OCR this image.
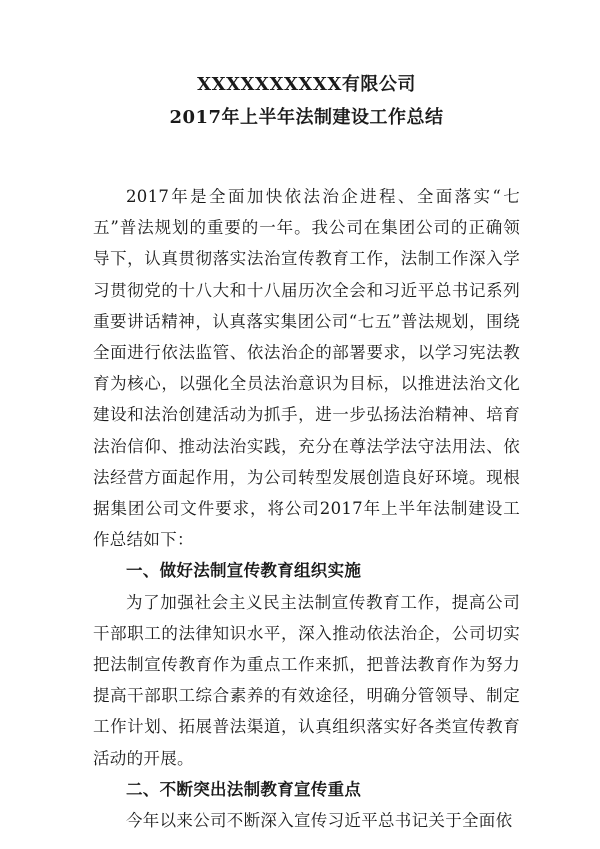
XXXXXXXXXX有限公司
2017年上半年法制建设工作总结

2017年是全面加快依法治企进程、全面落实“七五”普法规划的重要的一年。我公司在集团公司的正确领导下，认真贯彻落实法治宣传教育工作，法制工作深入学习贯彻党的十八大和十八届历次全会和习近平总书记系列重要讲话精神，认真落实集团公司“七五”普法规划，围绕全面进行依法监管、依法治企的部署要求，以学习宪法教育为核心，以强化全员法治意识为目标，以推进法治文化建设和法治创建活动为抓手，进一步弘扬法治精神、培育法治信仰、推动法治实践，充分在尊法学法守法用法、依法经营方面起作用，为公司转型发展创造良好环境。现根据集团公司文件要求，将公司2017年上半年法制建设工作总结如下：

一、做好法制宣传教育组织实施

为了加强社会主义民主法制宣传教育工作，提高公司干部职工的法律知识水平，深入推动依法治企，公司切实把法制宣传教育作为重点工作来抓，把普法教育作为努力提高干部职工综合素养的有效途径，明确分管领导、制定工作计划、拓展普法渠道，认真组织落实好各类宣传教育活动的开展。

二、不断突出法制教育宣传重点

今年以来公司不断深入宣传习近平总书记关于全面依
